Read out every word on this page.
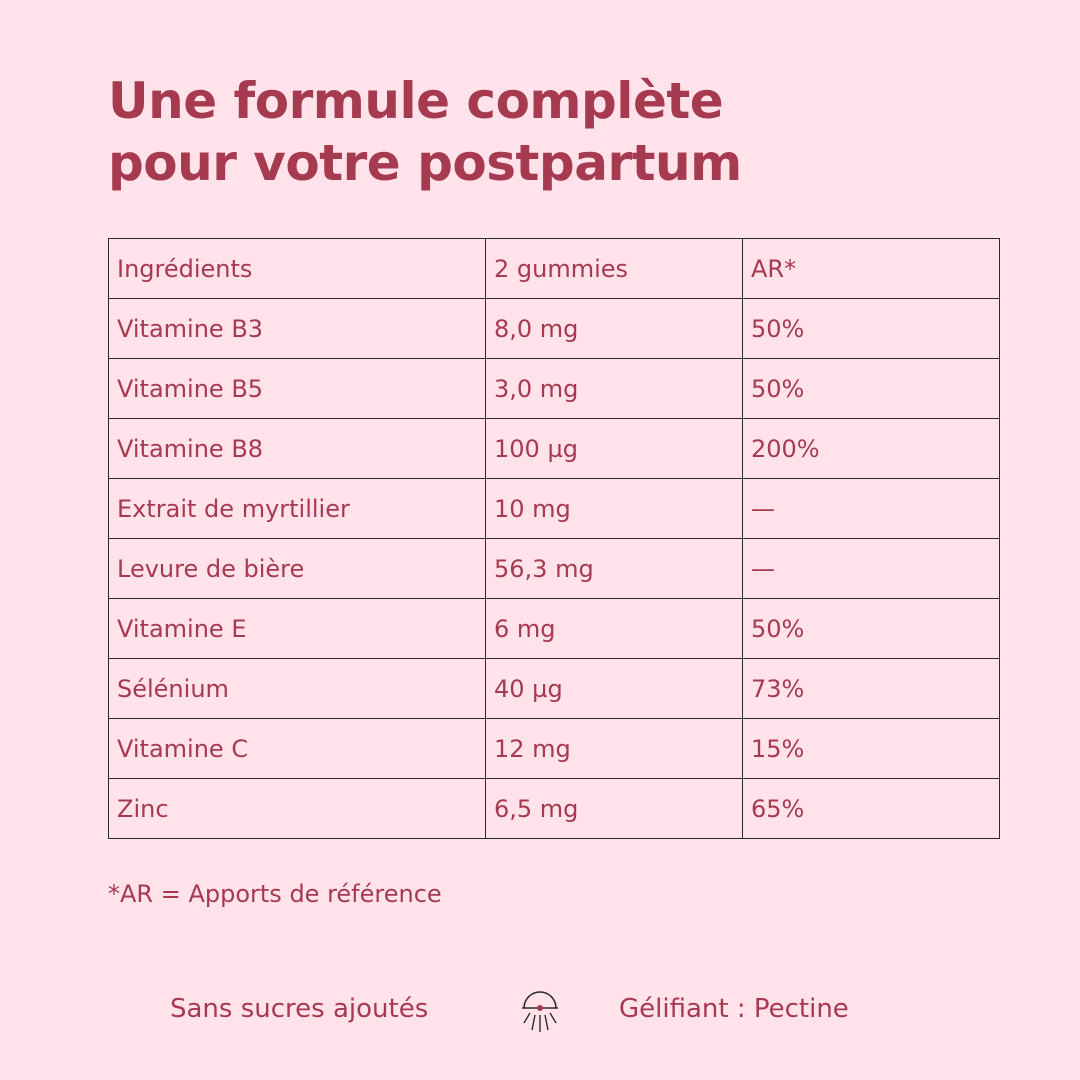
Une formule complète
pour votre postpartum
Ingrédients	2 gummies	AR*
Vitamine B3	8,0 mg	50%
Vitamine B5	3,0 mg	50%
Vitamine B8	100 µg	200%
Extrait de myrtillier	10 mg	—
Levure de bière	56,3 mg	—
Vitamine E	6 mg	50%
Sélénium	40 µg	73%
Vitamine C	12 mg	15%
Zinc	6,5 mg	65%
*AR = Apports de référence
Sans sucres ajoutés	Gélifiant : Pectine
